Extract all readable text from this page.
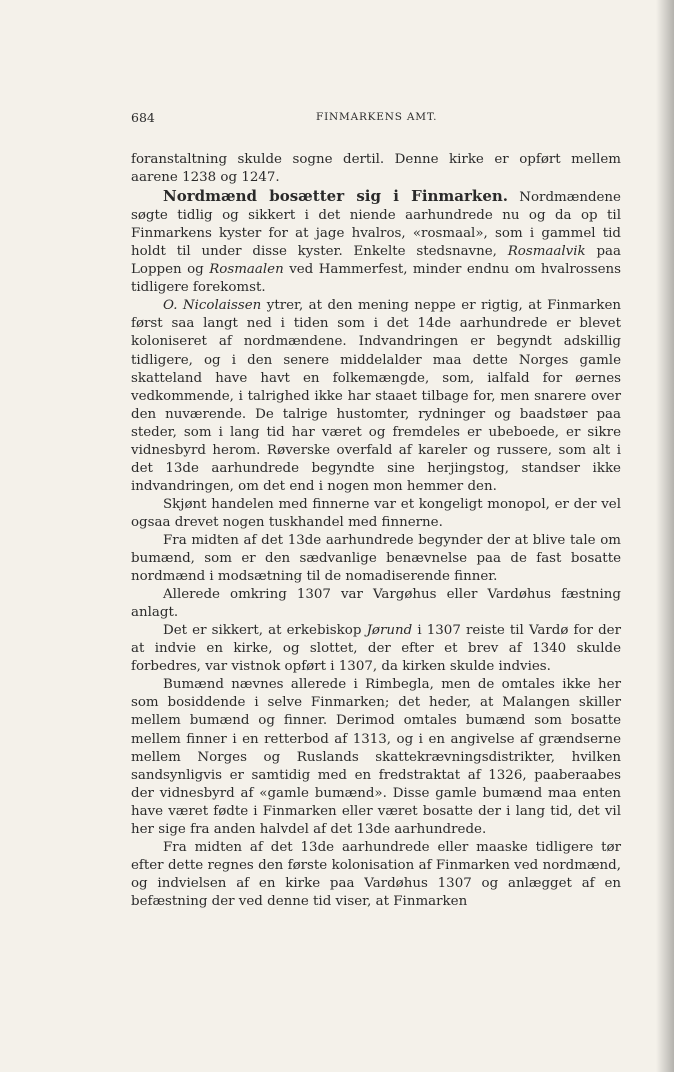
684	FINMARKENS AMT.

foranstaltning skulde sogne dertil. Denne kirke er opført mellem aarene 1238 og 1247.

Nordmænd bosætter sig i Finmarken. Nordmændene søgte tidlig og sikkert i det niende aarhundrede nu og da op til Finmarkens kyster for at jage hvalros, «rosmaal», som i gammel tid holdt til under disse kyster. Enkelte stedsnavne, Rosmaalvik paa Loppen og Rosmaalen ved Hammerfest, minder endnu om hvalrossens tidligere forekomst.

O. Nicolaissen ytrer, at den mening neppe er rigtig, at Finmarken først saa langt ned i tiden som i det 14de aarhundrede er blevet koloniseret af nordmændene. Indvandringen er begyndt adskillig tidligere, og i den senere middelalder maa dette Norges gamle skatteland have havt en folkemængde, som, ialfald for øernes vedkommende, i talrighed ikke har staaet tilbage for, men snarere over den nuværende. De talrige hustomter, rydninger og baadstøer paa steder, som i lang tid har været og fremdeles er ubeboede, er sikre vidnesbyrd herom. Røverske overfald af kareler og russere, som alt i det 13de aarhundrede begyndte sine herjingstog, standser ikke indvandringen, om det end i nogen mon hemmer den.

Skjønt handelen med finnerne var et kongeligt monopol, er der vel ogsaa drevet nogen tuskhandel med finnerne.

Fra midten af det 13de aarhundrede begynder der at blive tale om bumænd, som er den sædvanlige benævnelse paa de fast bosatte nordmænd i modsætning til de nomadiserende finner.

Allerede omkring 1307 var Vargøhus eller Vardøhus fæstning anlagt.

Det er sikkert, at erkebiskop Jørund i 1307 reiste til Vardø for der at indvie en kirke, og slottet, der efter et brev af 1340 skulde forbedres, var vistnok opført i 1307, da kirken skulde indvies.

Bumænd nævnes allerede i Rimbegla, men de omtales ikke her som bosiddende i selve Finmarken; det heder, at Malangen skiller mellem bumænd og finner. Derimod omtales bumænd som bosatte mellem finner i en retterbod af 1313, og i en angivelse af grændserne mellem Norges og Ruslands skattekrævningsdistrikter, hvilken sandsynligvis er samtidig med en fredstraktat af 1326, paaberaabes der vidnesbyrd af «gamle bumænd». Disse gamle bumænd maa enten have været fødte i Finmarken eller været bosatte der i lang tid, det vil her sige fra anden halvdel af det 13de aarhundrede.

Fra midten af det 13de aarhundrede eller maaske tidligere tør efter dette regnes den første kolonisation af Finmarken ved nordmænd, og indvielsen af en kirke paa Vardøhus 1307 og anlægget af en befæstning der ved denne tid viser, at Finmarken
